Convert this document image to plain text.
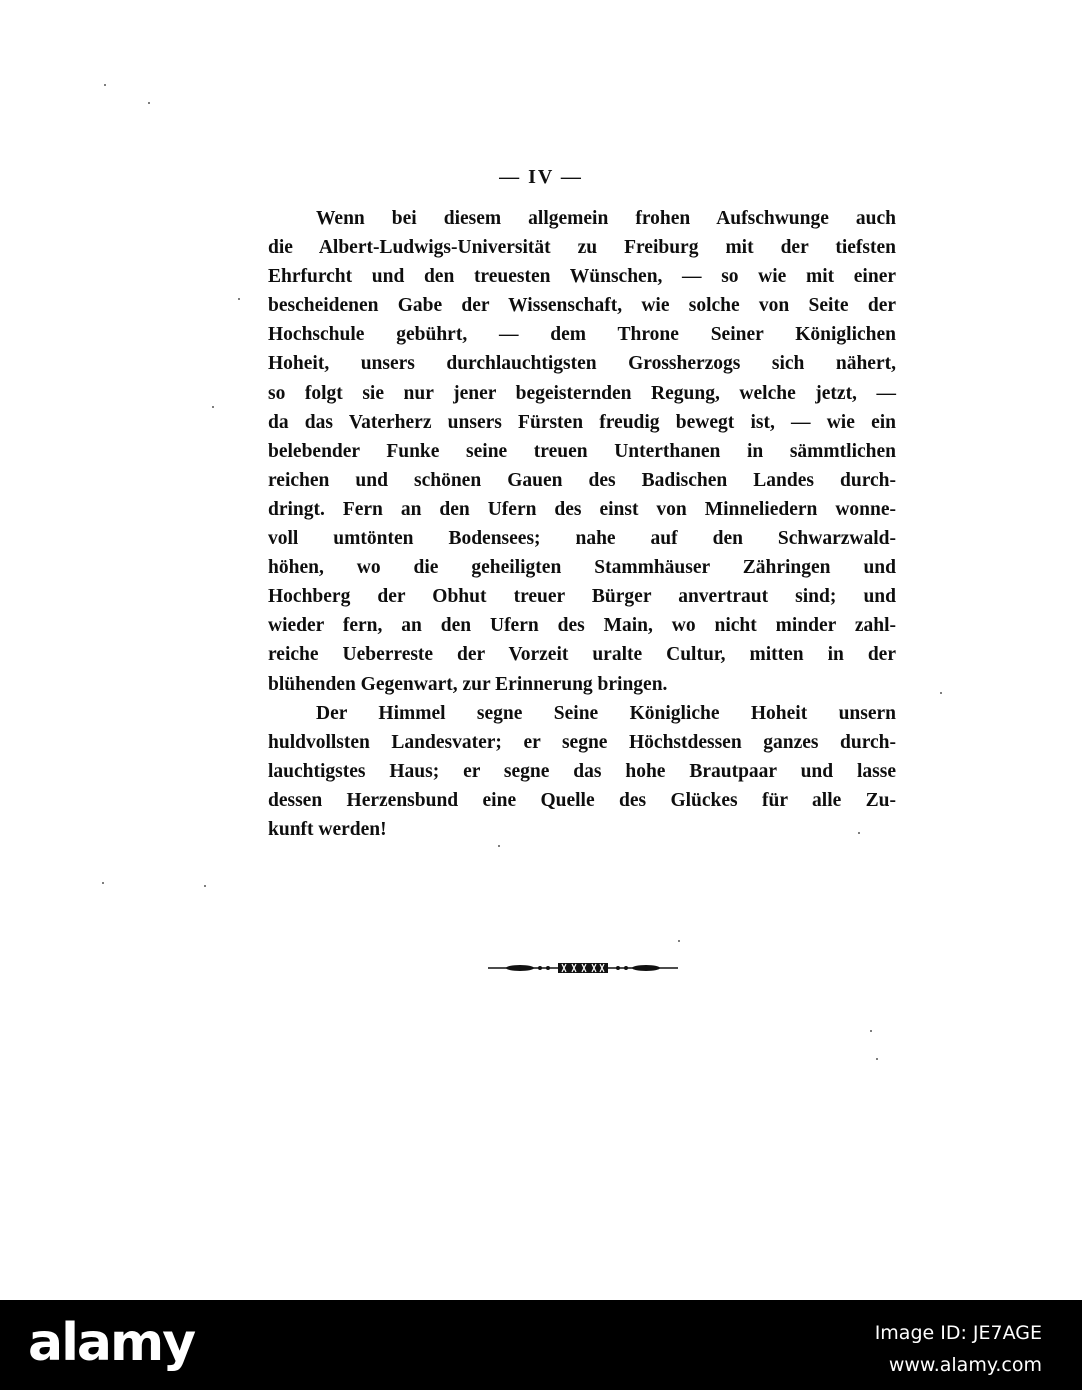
— IV —
Wenn bei diesem allgemein frohen Aufschwunge auch
die Albert-Ludwigs-Universität zu Freiburg mit der tiefsten
Ehrfurcht und den treuesten Wünschen, — so wie mit einer
bescheidenen Gabe der Wissenschaft, wie solche von Seite der
Hochschule gebührt, — dem Throne Seiner Königlichen
Hoheit, unsers durchlauchtigsten Grossherzogs sich nähert,
so folgt sie nur jener begeisternden Regung, welche jetzt, —
da das Vaterherz unsers Fürsten freudig bewegt ist, — wie ein
belebender Funke seine treuen Unterthanen in sämmtlichen
reichen und schönen Gauen des Badischen Landes durch-
dringt. Fern an den Ufern des einst von Minneliedern wonne-
voll umtönten Bodensees; nahe auf den Schwarzwald-
höhen, wo die geheiligten Stammhäuser Zähringen und
Hochberg der Obhut treuer Bürger anvertraut sind; und
wieder fern, an den Ufern des Main, wo nicht minder zahl-
reiche Ueberreste der Vorzeit uralte Cultur, mitten in der
blühenden Gegenwart, zur Erinnerung bringen.
Der Himmel segne Seine Königliche Hoheit unsern
huldvollsten Landesvater; er segne Höchstdessen ganzes durch-
lauchtigstes Haus; er segne das hohe Brautpaar und lasse
dessen Herzensbund eine Quelle des Glückes für alle Zu-
kunft werden!
alamy	Image ID: JE7AGE
www.alamy.com
